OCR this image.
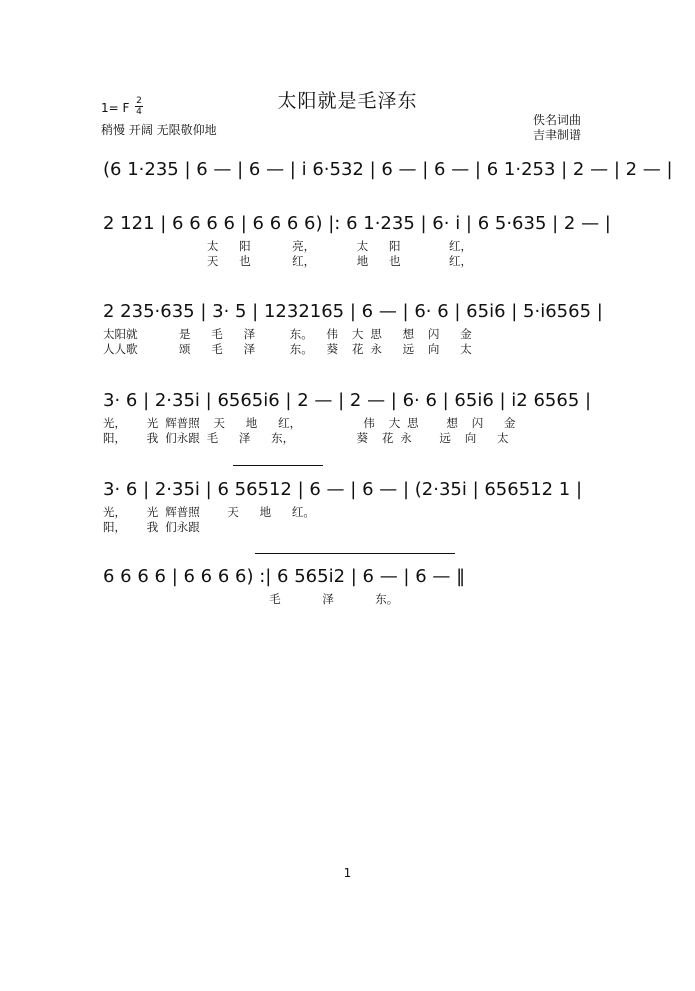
太阳就是毛泽东
1= F 2
4
稍慢 开阔 无限敬仰地
佚名词曲
吉聿制谱
(6 1·235 | 6 — | 6 — | i 6·532 | 6 — | 6 — | 6 1·253 | 2 — | 2 — |
2 121 | 6 6 6 6 | 6 6 6 6) |: 6 1·235 | 6· i | 6 5·635 | 2 — |
太   阳      亮，      太   阳       红，
天   也      红，      地   也       红，
2 235·635 | 3· 5 | 1232165 | 6 — | 6· 6 | 65i6 | 5·i6565 |
太阳就      是   毛   泽     东。  伟  大 思   想  闪   金
人人歌      颂   毛   泽     东。  葵  花 永   远  向   太
3· 6 | 2·35i | 6565i6 | 2 — | 2 — | 6· 6 | 65i6 | i2 6565 |
光，   光 辉普照  天   地   红，         伟  大 思    想  闪   金
阳，   我 们永跟 毛   泽   东，         葵  花 永    远  向   太
3· 6 | 2·35i | 6 56512 | 6 — | 6 — | (2·35i | 656512 1 |
光，   光 辉普照    天   地   红。
阳，   我 们永跟
6 6 6 6 | 6 6 6 6) :| 6 565i2 | 6 — | 6 — ‖
毛      泽      东。
1
